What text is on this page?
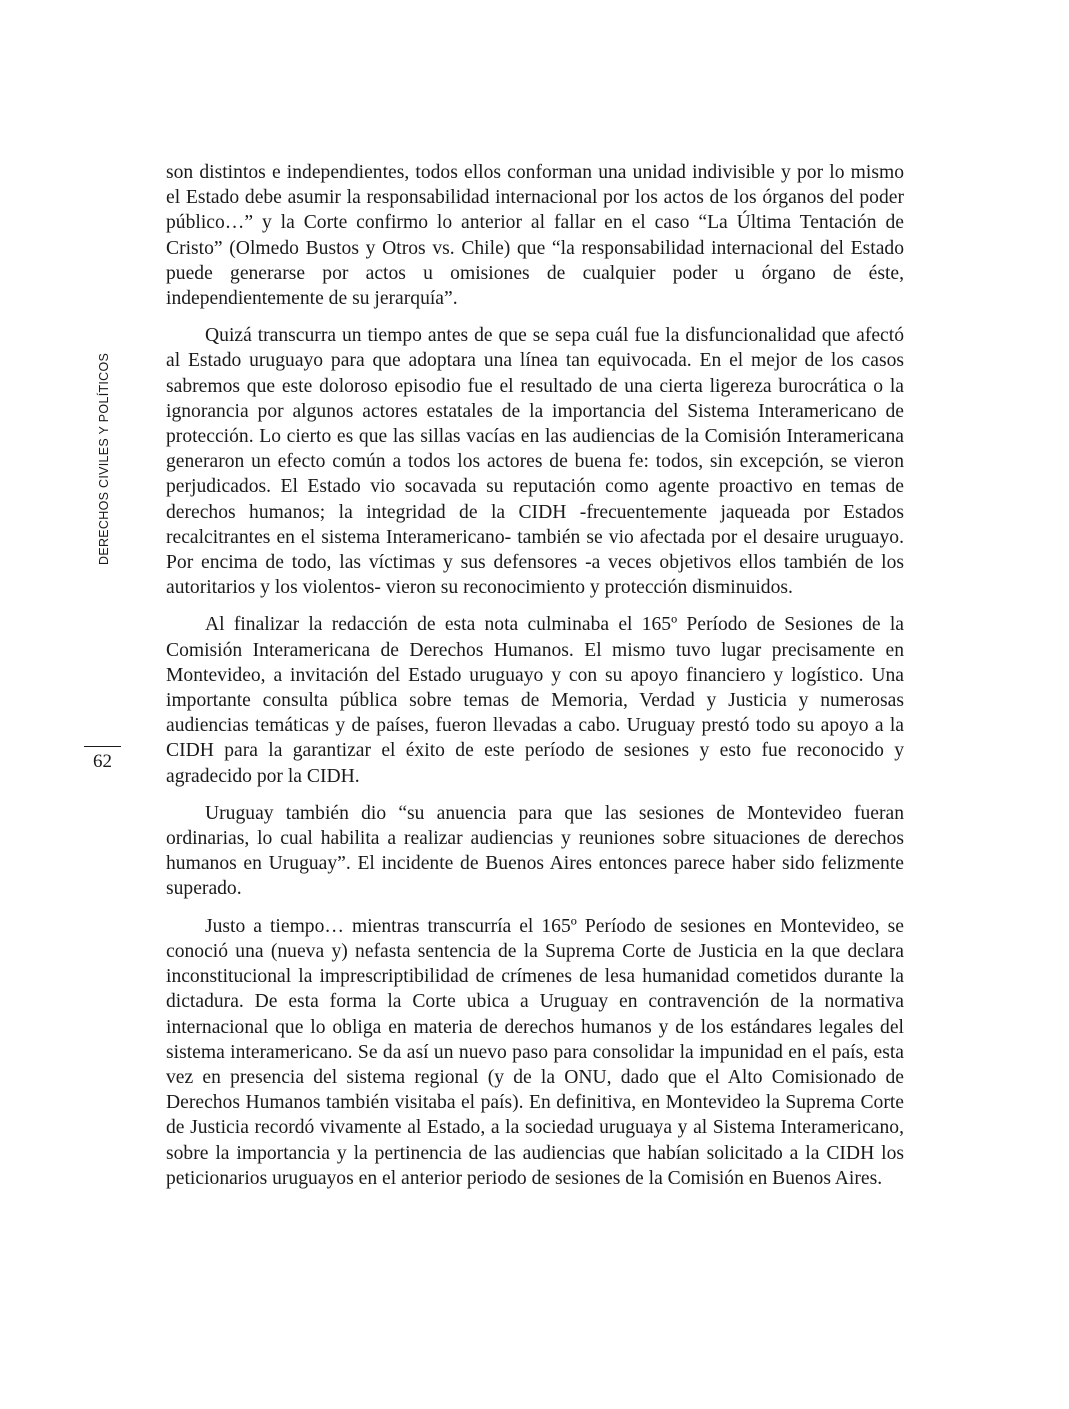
DERECHOS CIVILES Y POLÍTICOS
62

son distintos e independientes, todos ellos conforman una unidad indivisible y por lo mismo el Estado debe asumir la responsabilidad internacional por los actos de los órganos del poder público…” y la Corte confirmo lo anterior al fallar en el caso “La Última Tentación de Cristo” (Olmedo Bustos y Otros vs. Chile) que “la responsabilidad internacional del Estado puede generarse por actos u omisiones de cualquier poder u órgano de éste, independientemente de su jerarquía”.

Quizá transcurra un tiempo antes de que se sepa cuál fue la disfuncionalidad que afectó al Estado uruguayo para que adoptara una línea tan equivocada. En el mejor de los casos sabremos que este doloroso episodio fue el resultado de una cierta ligereza burocrática o la ignorancia por algunos actores estatales de la importancia del Sistema Interamericano de protección. Lo cierto es que las sillas vacías en las audiencias de la Comisión Interamericana generaron un efecto común a todos los actores de buena fe: todos, sin excepción, se vieron perjudicados. El Estado vio socavada su reputación como agente proactivo en temas de derechos humanos; la integridad de la CIDH -frecuentemente jaqueada por Estados recalcitrantes en el sistema Interamericano- también se vio afectada por el desaire uruguayo. Por encima de todo, las víctimas y sus defensores -a veces objetivos ellos también de los autoritarios y los violentos- vieron su reconocimiento y protección disminuidos.

Al finalizar la redacción de esta nota culminaba el 165º Período de Sesiones de la Comisión Interamericana de Derechos Humanos. El mismo tuvo lugar precisamente en Montevideo, a invitación del Estado uruguayo y con su apoyo financiero y logístico. Una importante consulta pública sobre temas de Memoria, Verdad y Justicia y numerosas audiencias temáticas y de países, fueron llevadas a cabo. Uruguay prestó todo su apoyo a la CIDH para la garantizar el éxito de este período de sesiones y esto fue reconocido y agradecido por la CIDH.

Uruguay también dio “su anuencia para que las sesiones de Montevideo fueran ordinarias, lo cual habilita a realizar audiencias y reuniones sobre situaciones de derechos humanos en Uruguay”. El incidente de Buenos Aires entonces parece haber sido felizmente superado.

Justo a tiempo… mientras transcurría el 165º Período de sesiones en Montevideo, se conoció una (nueva y) nefasta sentencia de la Suprema Corte de Justicia en la que declara inconstitucional la imprescriptibilidad de crímenes de lesa humanidad cometidos durante la dictadura. De esta forma la Corte ubica a Uruguay en contravención de la normativa internacional que lo obliga en materia de derechos humanos y de los estándares legales del sistema interamericano. Se da así un nuevo paso para consolidar la impunidad en el país, esta vez en presencia del sistema regional (y de la ONU, dado que el Alto Comisionado de Derechos Humanos también visitaba el país). En definitiva, en Montevideo la Suprema Corte de Justicia recordó vivamente al Estado, a la sociedad uruguaya y al Sistema Interamericano, sobre la importancia y la pertinencia de las audiencias que habían solicitado a la CIDH los peticionarios uruguayos en el anterior periodo de sesiones de la Comisión en Buenos Aires.
